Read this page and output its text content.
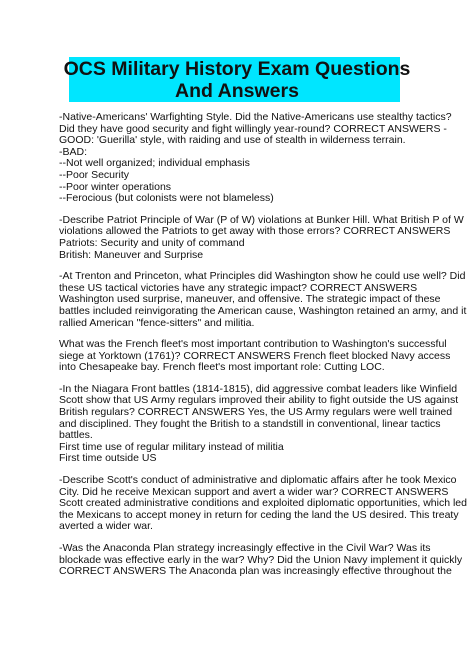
OCS Military History Exam Questions
And Answers
-Native-Americans' Warfighting Style. Did the Native-Americans use stealthy tactics?
Did they have good security and fight willingly year-round? CORRECT ANSWERS -
GOOD: 'Guerilla' style, with raiding and use of stealth in wilderness terrain.
-BAD:
--Not well organized; individual emphasis
--Poor Security
--Poor winter operations
--Ferocious (but colonists were not blameless)
-Describe Patriot Principle of War (P of W) violations at Bunker Hill. What British P of W
violations allowed the Patriots to get away with those errors? CORRECT ANSWERS
Patriots: Security and unity of command
British: Maneuver and Surprise
-At Trenton and Princeton, what Principles did Washington show he could use well? Did
these US tactical victories have any strategic impact? CORRECT ANSWERS
Washington used surprise, maneuver, and offensive. The strategic impact of these
battles included reinvigorating the American cause, Washington retained an army, and it
rallied American "fence-sitters" and militia.
What was the French fleet's most important contribution to Washington's successful
siege at Yorktown (1761)? CORRECT ANSWERS French fleet blocked Navy access
into Chesapeake bay. French fleet's most important role: Cutting LOC.
-In the Niagara Front battles (1814-1815), did aggressive combat leaders like Winfield
Scott show that US Army regulars improved their ability to fight outside the US against
British regulars? CORRECT ANSWERS Yes, the US Army regulars were well trained
and disciplined. They fought the British to a standstill in conventional, linear tactics
battles.
First time use of regular military instead of militia
First time outside US
-Describe Scott's conduct of administrative and diplomatic affairs after he took Mexico
City. Did he receive Mexican support and avert a wider war? CORRECT ANSWERS
Scott created administrative conditions and exploited diplomatic opportunities, which led
the Mexicans to accept money in return for ceding the land the US desired. This treaty
averted a wider war.
-Was the Anaconda Plan strategy increasingly effective in the Civil War? Was its
blockade was effective early in the war? Why? Did the Union Navy implement it quickly
CORRECT ANSWERS The Anaconda plan was increasingly effective throughout the
